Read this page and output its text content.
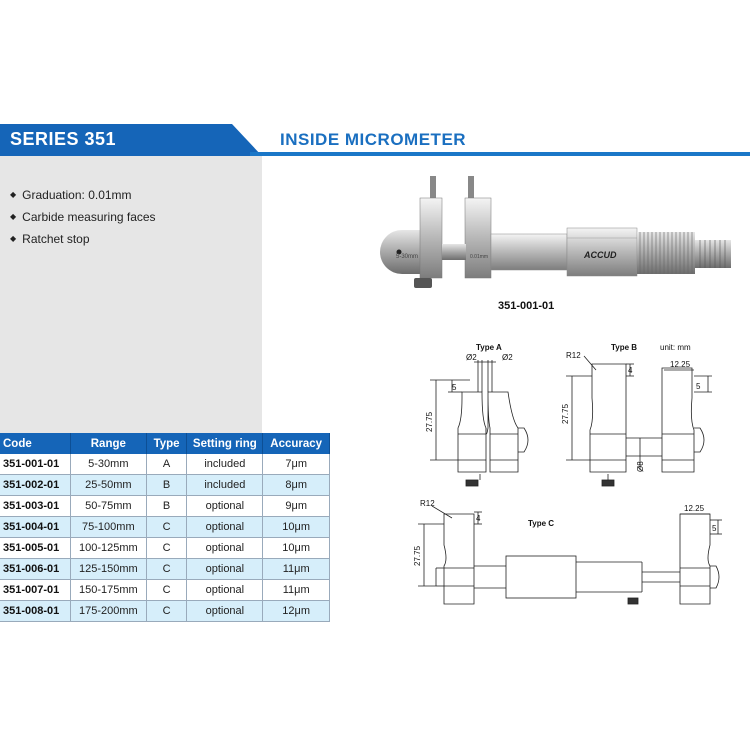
SERIES 351	INSIDE MICROMETER
◆ Graduation: 0.01mm
◆ Carbide measuring faces
◆ Ratchet stop
ACCUD
5-30mm	0.01mm
351-001-01
Code	Range	Type	Setting ring	Accuracy
351-001-01	5-30mm	A	included	7μm
351-002-01	25-50mm	B	included	8μm
351-003-01	50-75mm	B	optional	9μm
351-004-01	75-100mm	C	optional	10μm
351-005-01	100-125mm	C	optional	10μm
351-006-01	125-150mm	C	optional	11μm
351-007-01	150-175mm	C	optional	11μm
351-008-01	175-200mm	C	optional	12μm
Type A
Ø2	Ø2
5
27.75
Type B	unit: mm
R12
4
12.25
5
27.75
Ø8
Type C
R12
4
12.25
5
27.75
